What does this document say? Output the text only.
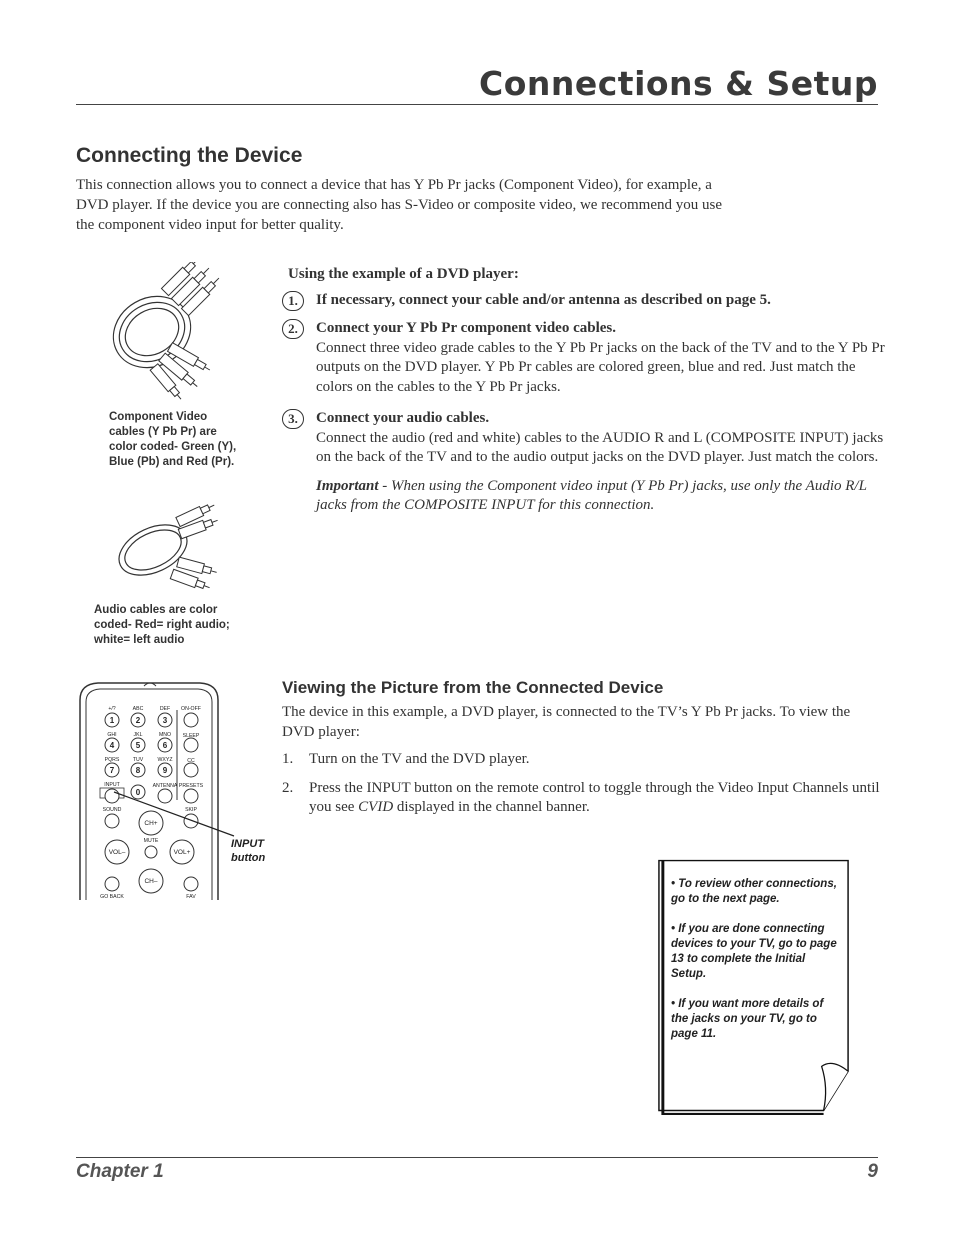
Connections & Setup
Connecting the Device
This connection allows you to connect a device that has Y Pb Pr jacks (Component Video), for example, a DVD player. If the device you are connecting also has S-Video or composite video, we recommend you use the component video input for better quality.
Component Video cables (Y Pb Pr) are color coded- Green (Y), Blue (Pb) and Red (Pr).
Audio cables are color coded- Red= right audio; white= left audio
Using the example of a DVD player:
1.	If necessary, connect your cable and/or antenna as described on page 5.
2.	Connect your Y Pb Pr component video cables.
Connect three video grade cables to the Y Pb Pr jacks on the back of the TV and to the Y Pb Pr outputs on the DVD player. Y Pb Pr cables are colored green, blue and red. Just match the colors on the cables to the Y Pb Pr jacks.
3.	Connect your audio cables.
Connect the audio (red and white) cables to the AUDIO R and L (COMPOSITE INPUT) jacks on the back of the TV and to the audio output jacks on the DVD player. Just match the colors.
Important - When using the Component video input (Y Pb Pr) jacks, use only the Audio R/L jacks from the COMPOSITE INPUT for this connection.
1	2	3
4	5	6
7	8	9
0
+/?	ABC	DEF ON-OFF
GHI	JKL	MNO SLEEP
PQRS	TUV	WXYZ	CC
INPUT	ANTENNA PRESETS
SOUND	SKIP
MUTE
GO BACK	FAV
CH+
CH–
VOL–	VOL+
INPUT
button
Viewing the Picture from the Connected Device

The device in this example, a DVD player, is connected to the TV’s Y Pb Pr jacks. To view the DVD player:

1. Turn on the TV and the DVD player.
2. Press the INPUT button on the remote control to toggle through the Video Input Channels until you see CVID displayed in the channel banner.

• To review other connections, go to the next page.

• If you are done connecting devices to your TV, go to page 13 to complete the Initial Setup.

• If you want more details of the jacks on your TV, go to page 11.

Chapter 1	9
